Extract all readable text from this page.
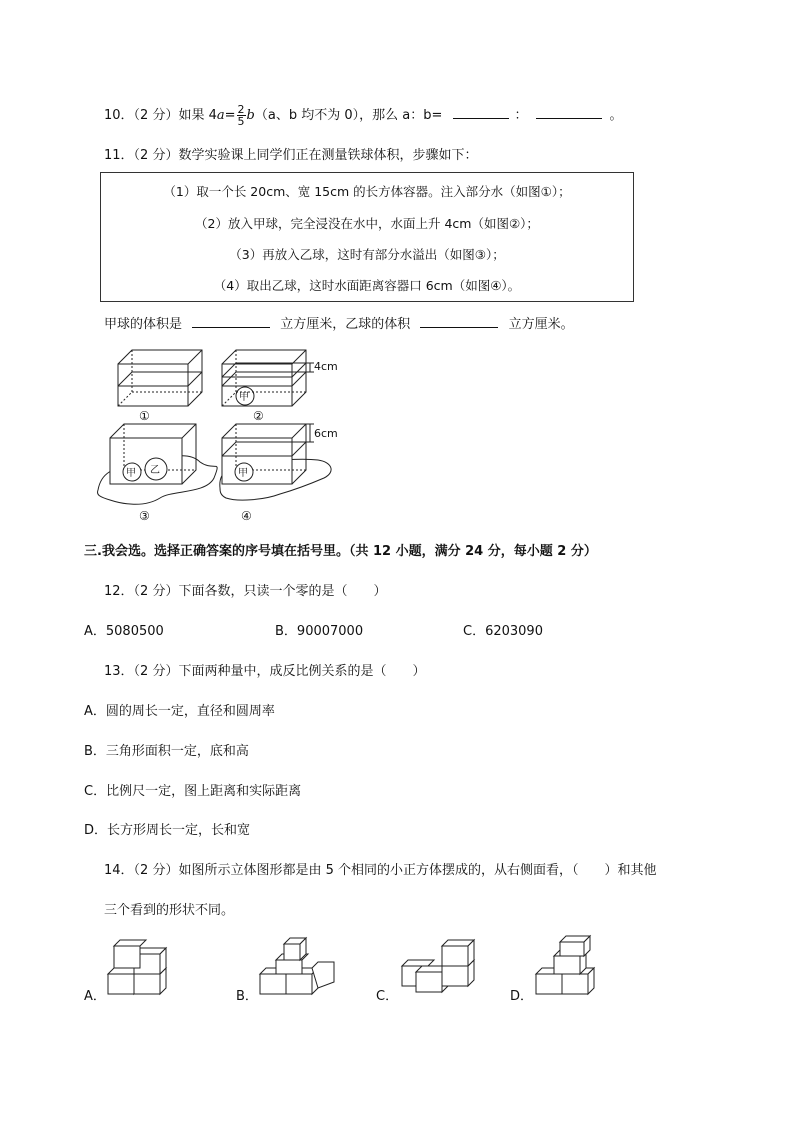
10．（2 分）如果 $4a= \frac{2}{5} b(a$、b 均不为 0），那么 a：b=	：	。
11．（2 分）数学实验课上同学们正在测量铁球体积，步骤如下：
（1）取一个长 20cm、宽 15cm 的长方体容器。注入部分水（如图①）；
（2）放入甲球，完全浸没在水中，水面上升 4cm（如图②）；
（3）再放入乙球，这时有部分水溢出（如图③）；
（4）取出乙球，这时水面距离容器口 6cm（如图④）。
甲球的体积是	立方厘米，乙球的体积	立方厘米。
4cm
6cm
甲
甲 乙	甲
①	②
③	④
三.我会选。选择正确答案的序号填在括号里。（共 12 小题，满分 24 分，每小题 2 分）
12．（2 分）下面各数，只读一个零的是（　　）
A．5080500	B．90007000	C．6203090
13．（2 分）下面两种量中，成反比例关系的是（　　）
A．圆的周长一定，直径和圆周率
B．三角形面积一定，底和高
C．比例尺一定，图上距离和实际距离
D．长方形周长一定，长和宽
14．（2 分）如图所示立体图形都是由 5 个相同的小正方体摆成的，从右侧面看，（　　）和其他
三个看到的形状不同。
A．	B．	C．	D．
